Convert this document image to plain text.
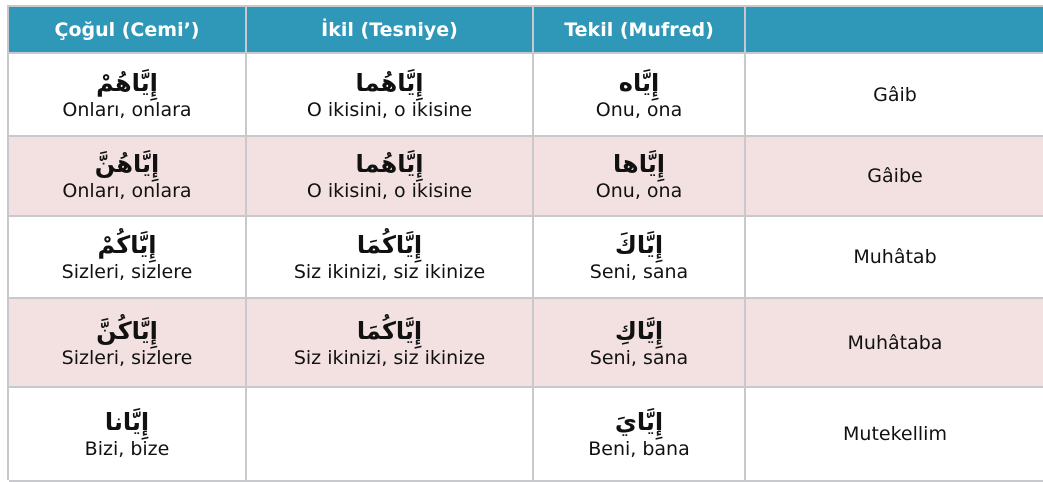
Çoğul (Cemi’)	İkil (Tesniye)	Tekil (Mufred)
إِيَّاهُمْ
Onları, onlara
إِيَّاهُما
O ikisini, o ikisine
إِيَّاه
Onu, ona
Gâib
إِيَّاهُنَّ
Onları, onlara
إِيَّاهُما
O ikisini, o ikisine
إِيَّاها
Onu, ona
Gâibe
إِيَّاكُمْ
Sizleri, sizlere
إِيَّاكُمَا
Siz ikinizi, siz ikinize
إِيَّاكَ
Seni, sana
Muhâtab
إِيَّاكُنَّ
Sizleri, sizlere
إِيَّاكُمَا
Siz ikinizi, siz ikinize
إِيَّاكِ
Seni, sana
Muhâtaba
إِيَّانا
Bizi, bize
إِيَّايَ
Beni, bana
Mutekellim
